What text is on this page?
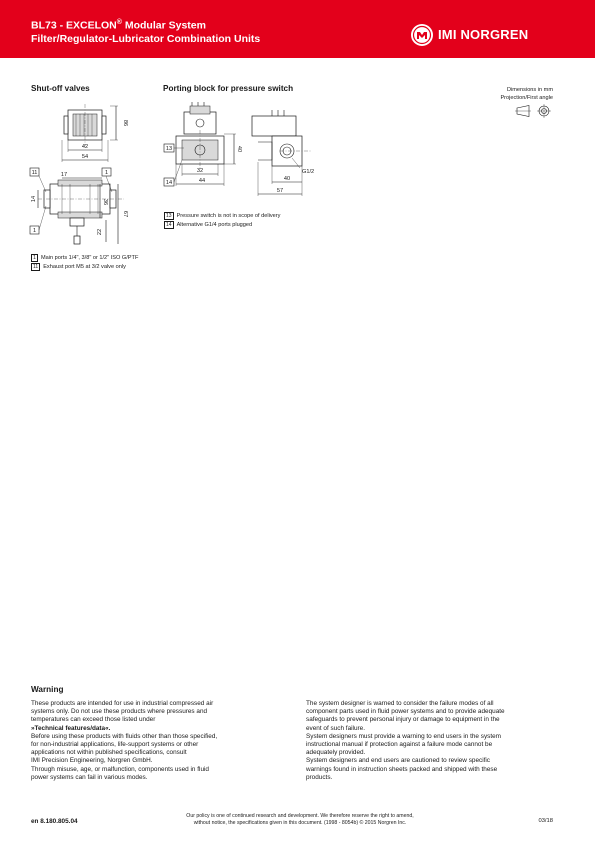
BL73 - EXCELON® Modular System
Filter/Regulator-Lubricator Combination Units	IMI NORGREN
Shut-off valves	Porting block for pressure switch	Dimensions in mm
Projection/First angle
86
42
54
17
14	36
67
22
11	1
1
40
32
44
13
14
G1/2
40
57
13 Pressure switch is not in scope of delivery
14 Alternative G1/4 ports plugged
1 Main ports 1/4", 3/8" or 1/2" ISO G/PTF
11 Exhaust port M5 at 3/2 valve only
Warning

These products are intended for use in industrial compressed air

systems only. Do not use these products where pressures and

temperatures can exceed those listed under

»Technical features/data«.

Before using these products with fluids other than those specified,

for non-industrial applications, life-support systems or other

applications not within published specifications, consult

IMI Precision Engineering, Norgren GmbH.

Through misuse, age, or malfunction, components used in fluid

power systems can fail in various modes.

The system designer is warned to consider the failure modes of all

component parts used in fluid power systems and to provide adequate

safeguards to prevent personal injury or damage to equipment in the

event of such failure.

System designers must provide a warning to end users in the system

instructional manual if protection against a failure mode cannot be

adequately provided.

System designers and end users are cautioned to review specific

warnings found in instruction sheets packed and shipped with these

products.

en 8.180.805.04
Our policy is one of continued research and development. We therefore reserve the right to amend,
without notice, the specifications given in this document. (1998 - 8054b) © 2015 Norgren Inc.	03/18
